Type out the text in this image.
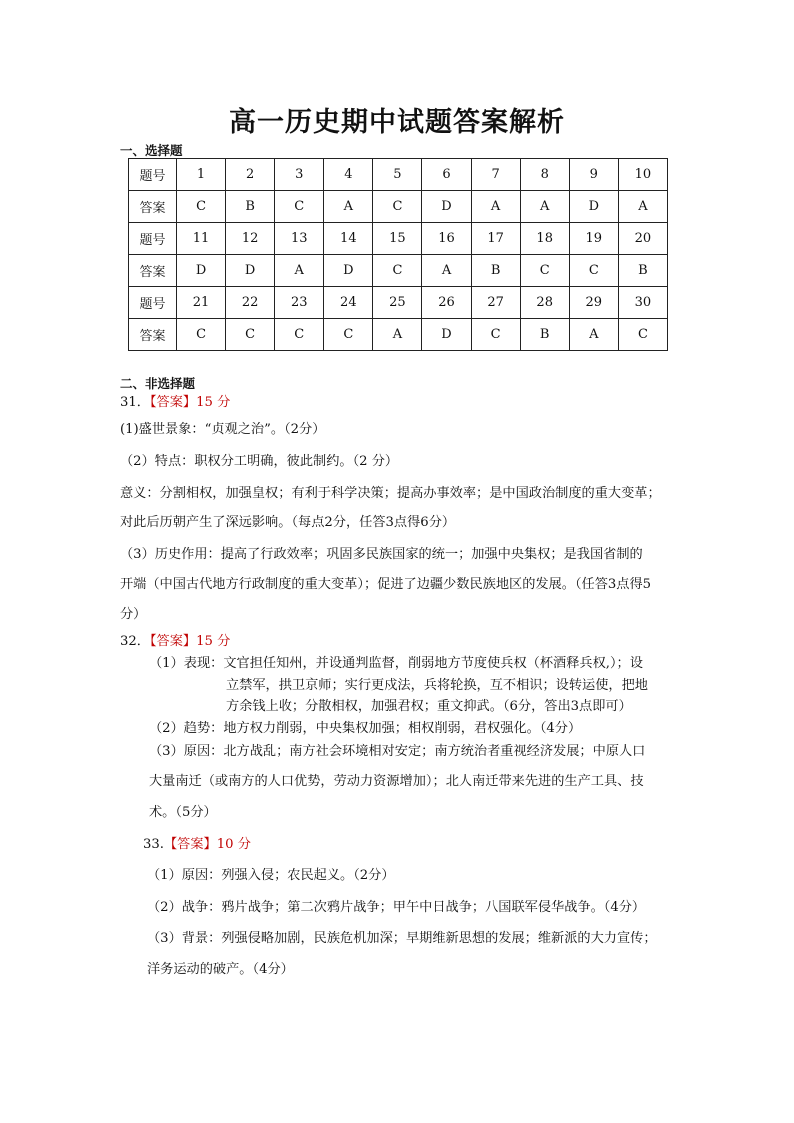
高一历史期中试题答案解析
一、选择题
题号	1	2	3	4	5	6	7	8	9	10
答案	C	B	C	A	C	D	A	A	D	A
题号	11	12	13	14	15	16	17	18	19	20
答案	D	D	A	D	C	A	B	C	C	B
题号	21	22	23	24	25	26	27	28	29	30
答案	C	C	C	C	A	D	C	B	A	C
二、非选择题
31．【答案】15 分
(1)盛世景象：“贞观之治”。（2分）
（2）特点：职权分工明确，彼此制约。（2 分）
意义：分割相权，加强皇权；有利于科学决策；提高办事效率；是中国政治制度的重大变革；
对此后历朝产生了深远影响。（每点2分，任答3点得6分）
（3）历史作用：提高了行政效率；巩固多民族国家的统一；加强中央集权；是我国省制的
开端（中国古代地方行政制度的重大变革）；促进了边疆少数民族地区的发展。（任答3点得5
分）
32．【答案】15 分
（1）表现：文官担任知州，并设通判监督，削弱地方节度使兵权（杯酒释兵权,）；设
立禁军，拱卫京师；实行更戍法，兵将轮换，互不相识；设转运使，把地
方余钱上收；分散相权，加强君权；重文抑武。（6分，答出3点即可）
（2）趋势：地方权力削弱，中央集权加强；相权削弱，君权强化。（4分）
（3）原因：北方战乱；南方社会环境相对安定；南方统治者重视经济发展；中原人口
大量南迁（或南方的人口优势，劳动力资源增加）；北人南迁带来先进的生产工具、技
术。（5分）
33.【答案】10 分
（1）原因：列强入侵；农民起义。（2分）
（2）战争：鸦片战争；第二次鸦片战争；甲午中日战争；八国联军侵华战争。（4分）
（3）背景：列强侵略加剧，民族危机加深；早期维新思想的发展；维新派的大力宣传；
洋务运动的破产。（4分）
